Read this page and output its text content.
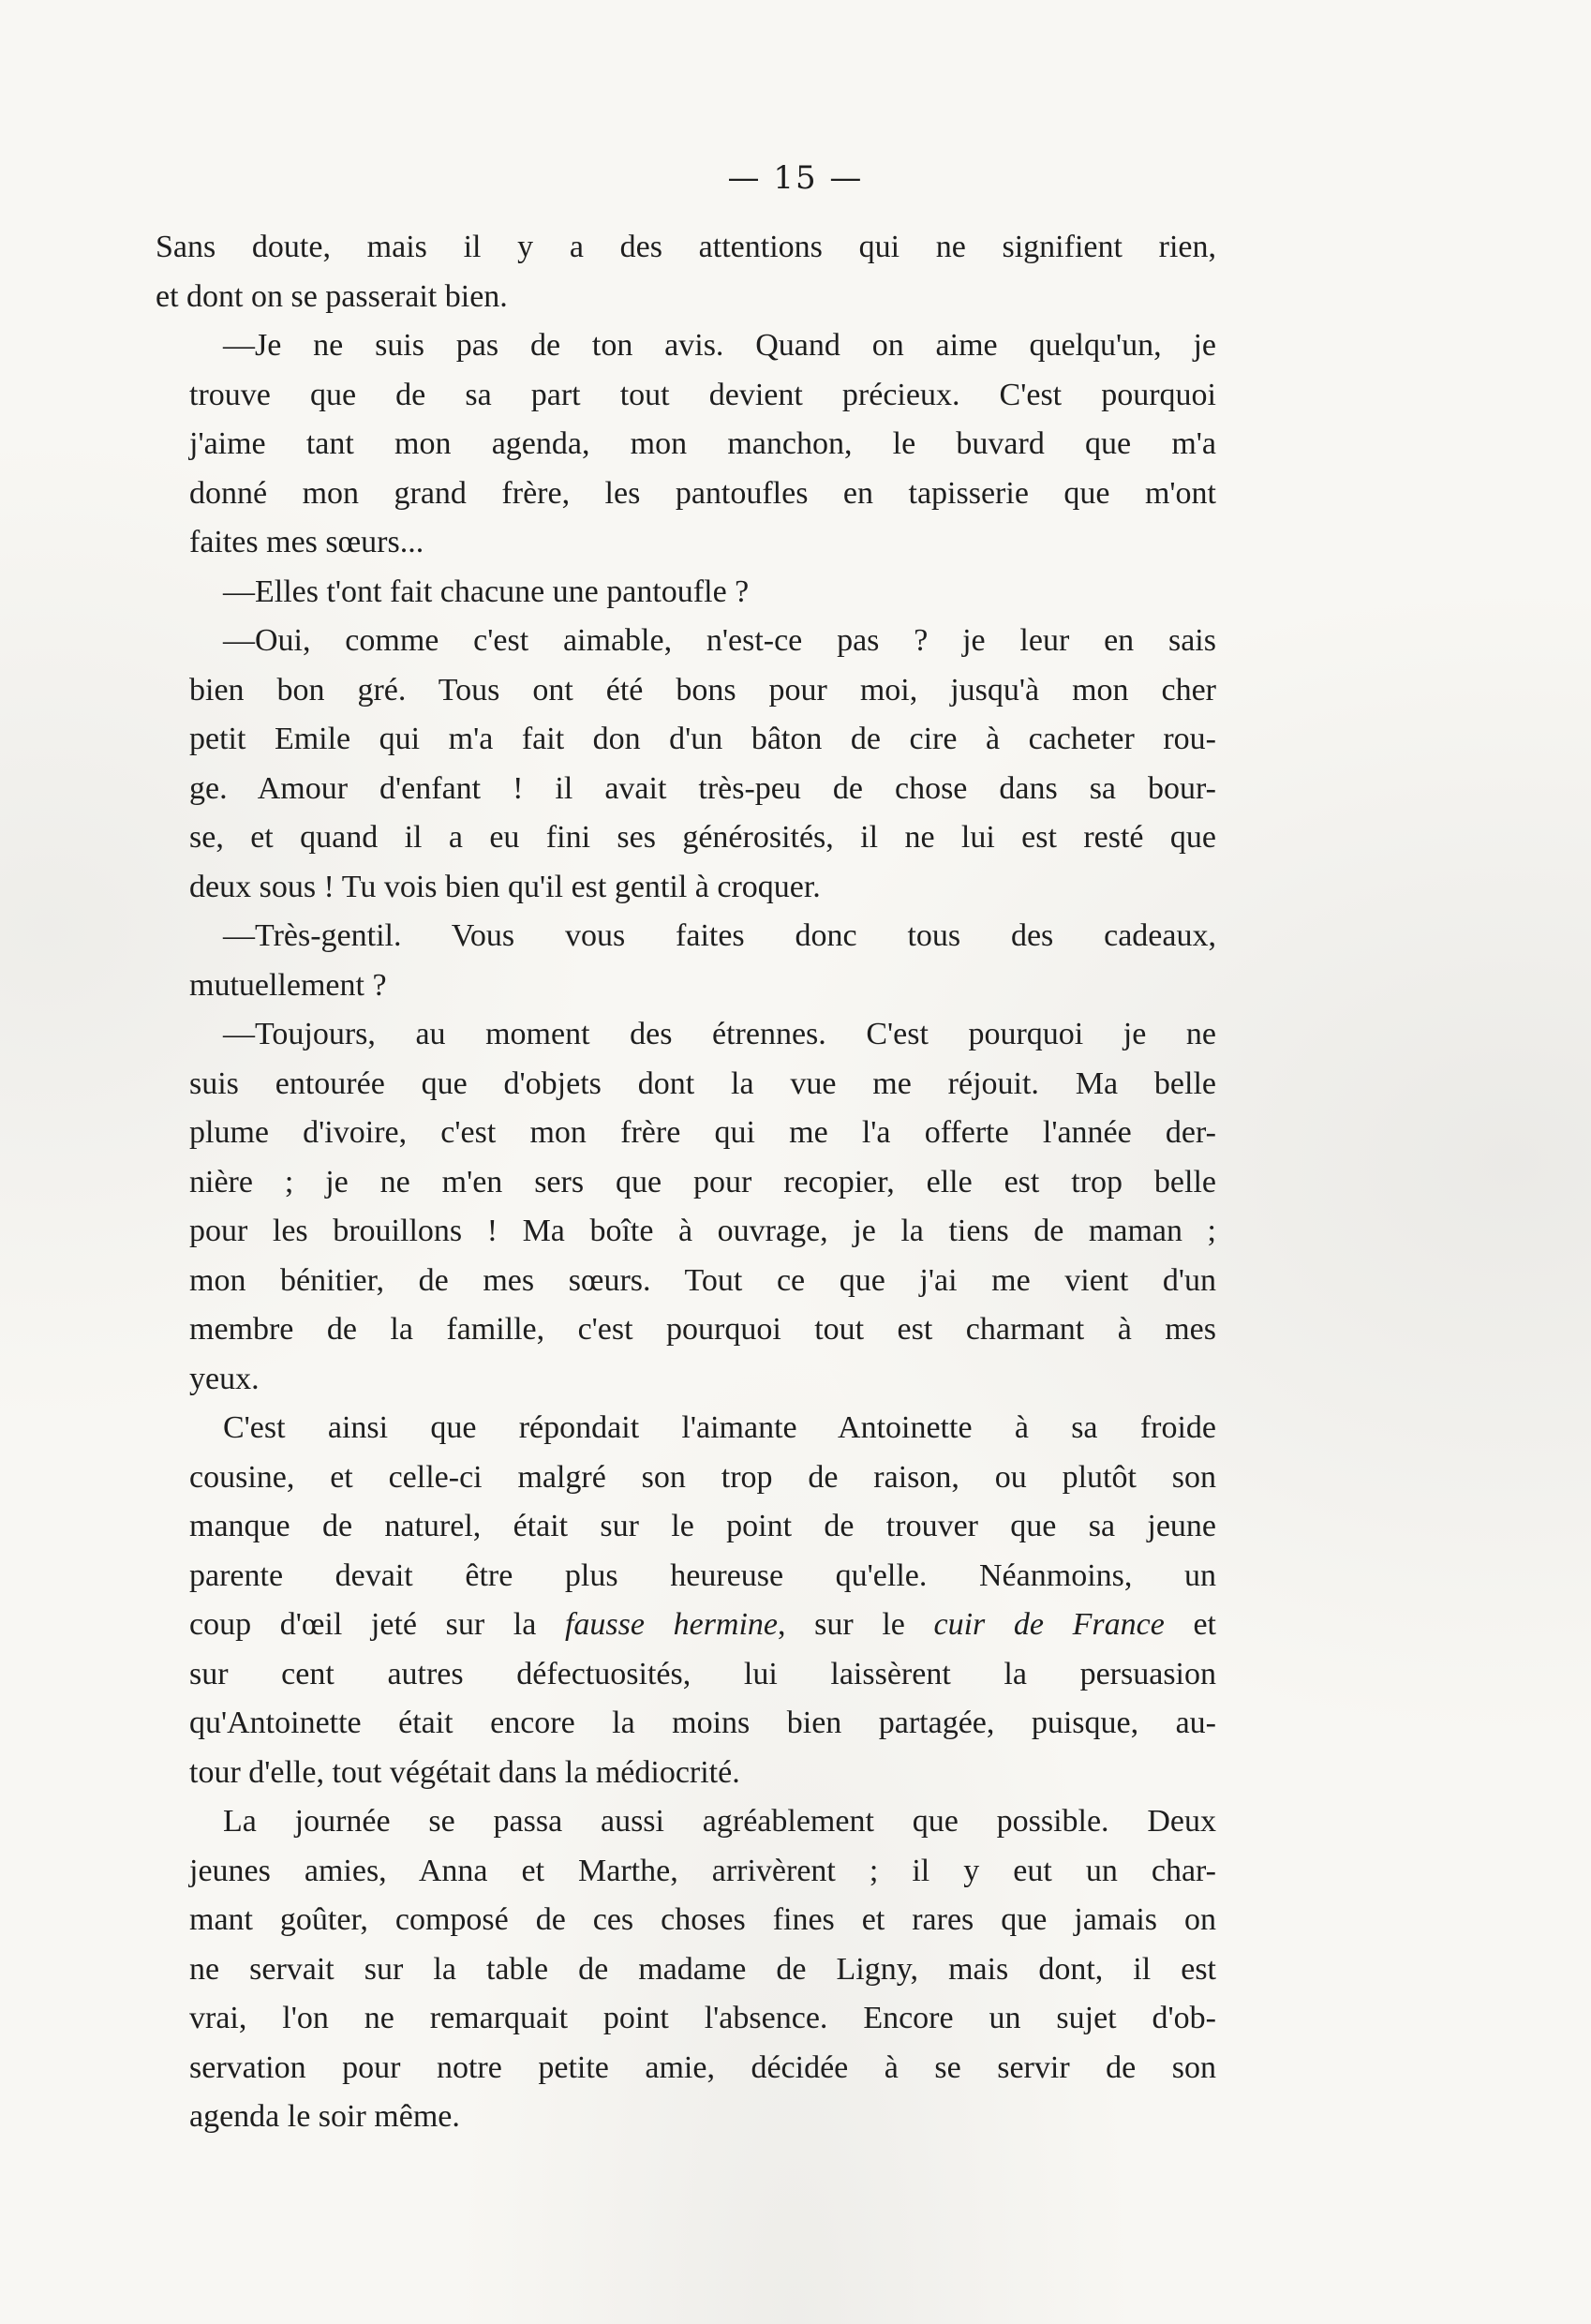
— 15 —

Sans doute, mais il y a des attentions qui ne signifient rien,
et dont on se passerait bien.

—Je ne suis pas de ton avis. Quand on aime quelqu'un, je
trouve que de sa part tout devient précieux. C'est pourquoi
j'aime tant mon agenda, mon manchon, le buvard que m'a
donné mon grand frère, les pantoufles en tapisserie que m'ont
faites mes sœurs...

—Elles t'ont fait chacune une pantoufle ?

—Oui, comme c'est aimable, n'est-ce pas ? je leur en sais
bien bon gré. Tous ont été bons pour moi, jusqu'à mon cher
petit Emile qui m'a fait don d'un bâton de cire à cacheter rou-
ge. Amour d'enfant ! il avait très-peu de chose dans sa bour-
se, et quand il a eu fini ses générosités, il ne lui est resté que
deux sous ! Tu vois bien qu'il est gentil à croquer.

—Très-gentil. Vous vous faites donc tous des cadeaux,
mutuellement ?

—Toujours, au moment des étrennes. C'est pourquoi je ne
suis entourée que d'objets dont la vue me réjouit. Ma belle
plume d'ivoire, c'est mon frère qui me l'a offerte l'année der-
nière ; je ne m'en sers que pour recopier, elle est trop belle
pour les brouillons ! Ma boîte à ouvrage, je la tiens de maman ;
mon bénitier, de mes sœurs. Tout ce que j'ai me vient d'un
membre de la famille, c'est pourquoi tout est charmant à mes
yeux.

C'est ainsi que répondait l'aimante Antoinette à sa froide
cousine, et celle-ci malgré son trop de raison, ou plutôt son
manque de naturel, était sur le point de trouver que sa jeune
parente devait être plus heureuse qu'elle. Néanmoins, un
coup d'œil jeté sur la fausse hermine, sur le cuir de France et
sur cent autres défectuosités, lui laissèrent la persuasion
qu'Antoinette était encore la moins bien partagée, puisque, au-
tour d'elle, tout végétait dans la médiocrité.

La journée se passa aussi agréablement que possible. Deux
jeunes amies, Anna et Marthe, arrivèrent ; il y eut un char-
mant goûter, composé de ces choses fines et rares que jamais on
ne servait sur la table de madame de Ligny, mais dont, il est
vrai, l'on ne remarquait point l'absence. Encore un sujet d'ob-
servation pour notre petite amie, décidée à se servir de son
agenda le soir même.
